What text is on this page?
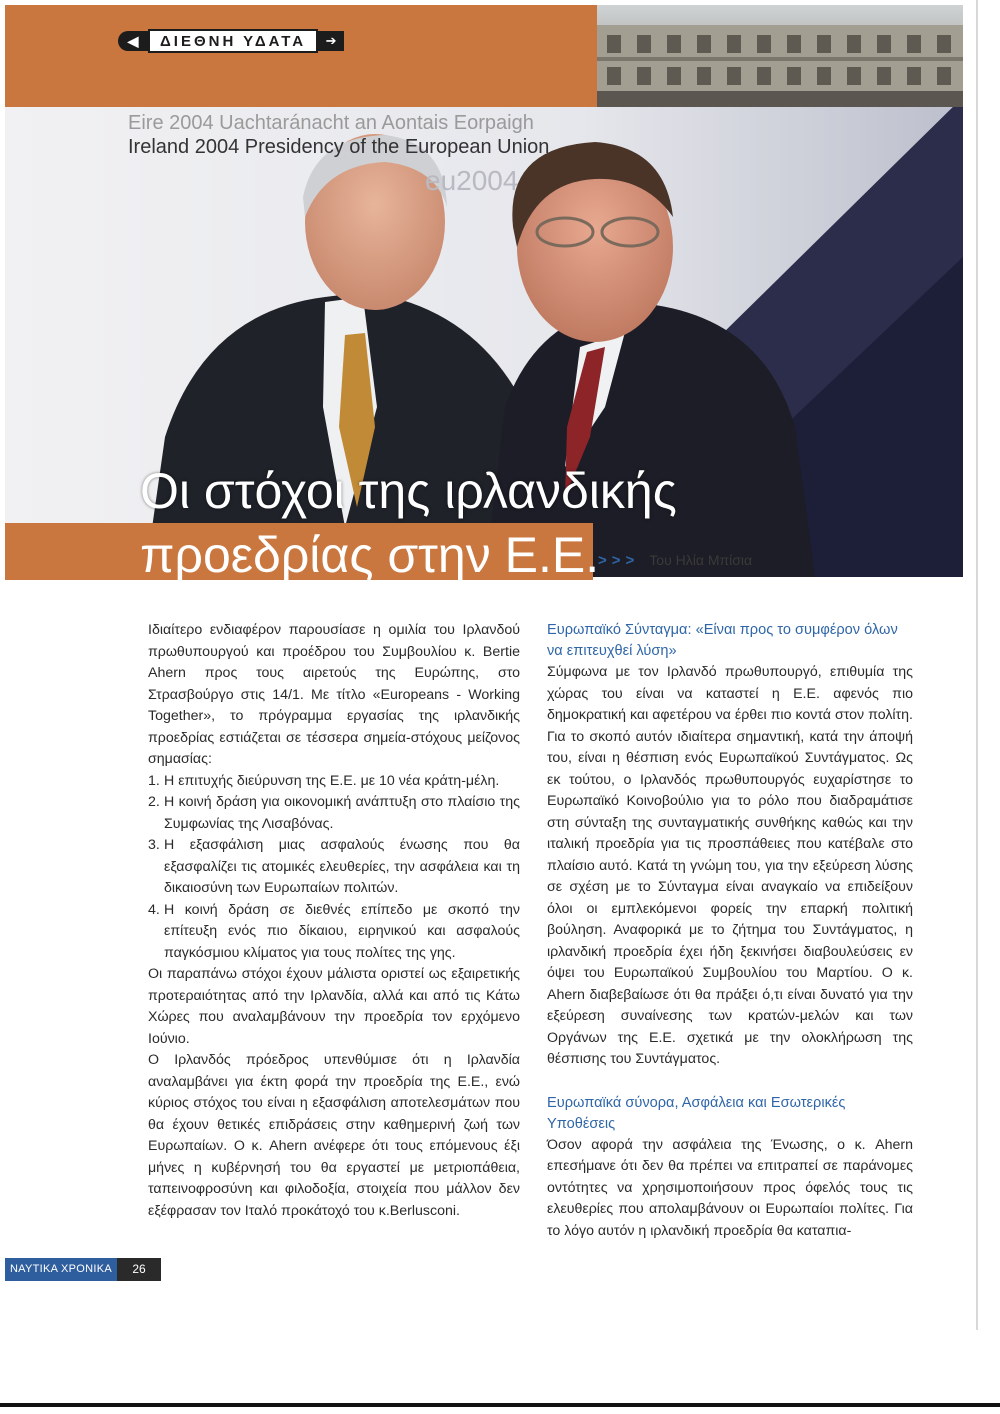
◀	ΔΙΕΘΝΗ ΥΔΑΤΑ	➔
Eire 2004 Uachtaránacht an Aontais Eorpaigh
Ireland 2004 Presidency of the European Union
eu2004
Οι στόχοι της ιρλανδικής
προεδρίας στην Ε.Ε.
>>> Του Ηλία Μπίσια

Ιδιαίτερο ενδιαφέρον παρουσίασε η ομιλία του Ιρλανδού πρωθυπουργού και προέδρου του Συμβουλίου κ. Bertie Ahern προς τους αιρετούς της Ευρώπης, στο Στρασβούργο στις 14/1. Με τίτλο «Europeans - Working Together», το πρόγραμμα εργασίας της ιρλανδικής προεδρίας εστιάζεται σε τέσσερα σημεία-στόχους μείζονος σημασίας:

1. Η επιτυχής διεύρυνση της Ε.Ε. με 10 νέα κράτη-μέλη.
2. Η κοινή δράση για οικονομική ανάπτυξη στο πλαίσιο της Συμφωνίας της Λισαβόνας.
3. Η εξασφάλιση μιας ασφαλούς ένωσης που θα εξασφαλίζει τις ατομικές ελευθερίες, την ασφάλεια και τη δικαιοσύνη των Ευρωπαίων πολιτών.
4. Η κοινή δράση σε διεθνές επίπεδο με σκοπό την επίτευξη ενός πιο δίκαιου, ειρηνικού και ασφαλούς παγκόσμιου κλίματος για τους πολίτες της γης.

Οι παραπάνω στόχοι έχουν μάλιστα οριστεί ως εξαιρετικής προτεραιότητας από την Ιρλανδία, αλλά και από τις Κάτω Χώρες που αναλαμβάνουν την προεδρία τον ερχόμενο Ιούνιο.

Ο Ιρλανδός πρόεδρος υπενθύμισε ότι η Ιρλανδία αναλαμβάνει για έκτη φορά την προεδρία της Ε.Ε., ενώ κύριος στόχος του είναι η εξασφάλιση αποτελεσμάτων που θα έχουν θετικές επιδράσεις στην καθημερινή ζωή των Ευρωπαίων. Ο κ. Ahern ανέφερε ότι τους επόμενους έξι μήνες η κυβέρνησή του θα εργαστεί με μετριοπάθεια, ταπεινοφροσύνη και φιλοδοξία, στοιχεία που μάλλον δεν εξέφρασαν τον Ιταλό προκάτοχό του κ.Berlusconi.

Ευρωπαϊκό Σύνταγμα: «Είναι προς το συμφέρον όλων να επιτευχθεί λύση»

Σύμφωνα με τον Ιρλανδό πρωθυπουργό, επιθυμία της χώρας του είναι να καταστεί η Ε.Ε. αφενός πιο δημοκρατική και αφετέρου να έρθει πιο κοντά στον πολίτη. Για το σκοπό αυτόν ιδιαίτερα σημαντική, κατά την άποψή του, είναι η θέσπιση ενός Ευρωπαϊκού Συντάγματος. Ως εκ τούτου, ο Ιρλανδός πρωθυπουργός ευχαρίστησε το Ευρωπαϊκό Κοινοβούλιο για το ρόλο που διαδραμάτισε στη σύνταξη της συνταγματικής συνθήκης καθώς και την ιταλική προεδρία για τις προσπάθειες που κατέβαλε στο πλαίσιο αυτό. Κατά τη γνώμη του, για την εξεύρεση λύσης σε σχέση με το Σύνταγμα είναι αναγκαίο να επιδείξουν όλοι οι εμπλεκόμενοι φορείς την επαρκή πολιτική βούληση. Αναφορικά με το ζήτημα του Συντάγματος, η ιρλανδική προεδρία έχει ήδη ξεκινήσει διαβουλεύσεις εν όψει του Ευρωπαϊκού Συμβουλίου του Μαρτίου. Ο κ. Ahern διαβεβαίωσε ότι θα πράξει ό,τι είναι δυνατό για την εξεύρεση συναίνεσης των κρατών-μελών και των Οργάνων της Ε.Ε. σχετικά με την ολοκλήρωση της θέσπισης του Συντάγματος.

Ευρωπαϊκά σύνορα, Ασφάλεια και Εσωτερικές Υποθέσεις

Όσον αφορά την ασφάλεια της Ένωσης, ο κ. Ahern επεσήμανε ότι δεν θα πρέπει να επιτραπεί σε παράνομες οντότητες να χρησιμοποιήσουν προς όφελός τους τις ελευθερίες που απολαμβάνουν οι Ευρωπαίοι πολίτες. Για το λόγο αυτόν η ιρλανδική προεδρία θα καταπια-

ΝΑΥΤΙΚΑ ΧΡΟΝΙΚΑ	26
